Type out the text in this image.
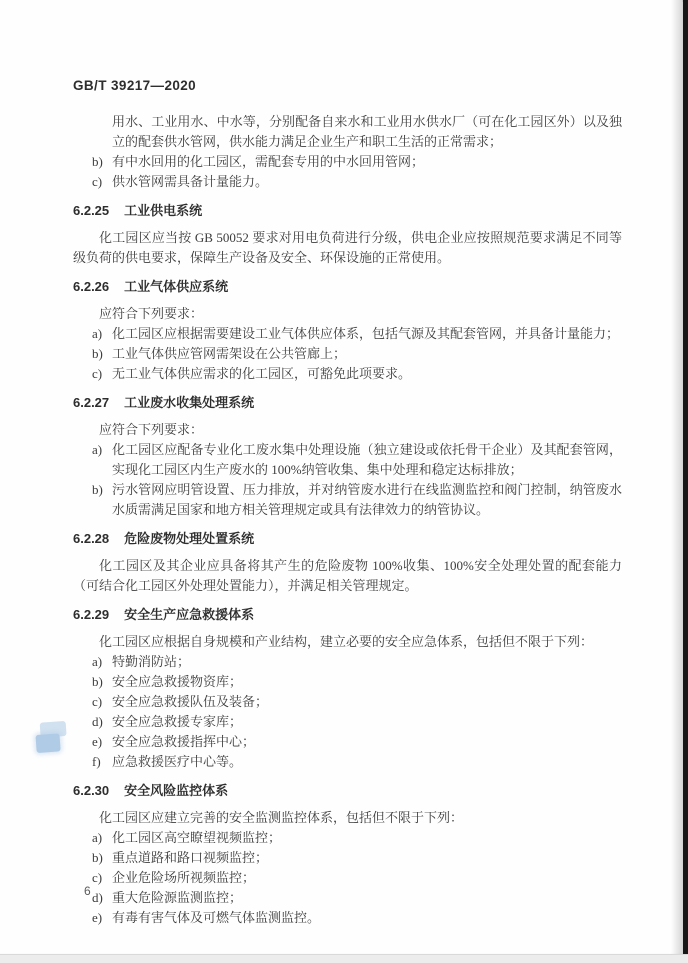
GB/T 39217—2020
用水、工业用水、中水等，分别配备自来水和工业用水供水厂（可在化工园区外）以及独立的配套供水管网，供水能力满足企业生产和职工生活的正常需求；
b) 有中水回用的化工园区，需配套专用的中水回用管网；
c) 供水管网需具备计量能力。
6.2.25 工业供电系统

化工园区应当按 GB 50052 要求对用电负荷进行分级，供电企业应按照规范要求满足不同等级负荷的供电要求，保障生产设备及安全、环保设施的正常使用。

6.2.26 工业气体供应系统

应符合下列要求：

a) 化工园区应根据需要建设工业气体供应体系，包括气源及其配套管网，并具备计量能力；
b) 工业气体供应管网需架设在公共管廊上；
c) 无工业气体供应需求的化工园区，可豁免此项要求。
6.2.27 工业废水收集处理系统

应符合下列要求：

a) 化工园区应配备专业化工废水集中处理设施（独立建设或依托骨干企业）及其配套管网，实现化工园区内生产废水的 100%纳管收集、集中处理和稳定达标排放；
b) 污水管网应明管设置、压力排放，并对纳管废水进行在线监测监控和阀门控制，纳管废水水质需满足国家和地方相关管理规定或具有法律效力的纳管协议。
6.2.28 危险废物处理处置系统

化工园区及其企业应具备将其产生的危险废物 100%收集、100%安全处理处置的配套能力（可结合化工园区外处理处置能力），并满足相关管理规定。

6.2.29 安全生产应急救援体系

化工园区应根据自身规模和产业结构，建立必要的安全应急体系，包括但不限于下列：

a) 特勤消防站；
b) 安全应急救援物资库；
c) 安全应急救援队伍及装备；
d) 安全应急救援专家库；
e) 安全应急救援指挥中心；
f) 应急救援医疗中心等。
6.2.30 安全风险监控体系

化工园区应建立完善的安全监测监控体系，包括但不限于下列：

a) 化工园区高空瞭望视频监控；
b) 重点道路和路口视频监控；
c) 企业危险场所视频监控；
d) 重大危险源监测监控；
e) 有毒有害气体及可燃气体监测监控。
6
